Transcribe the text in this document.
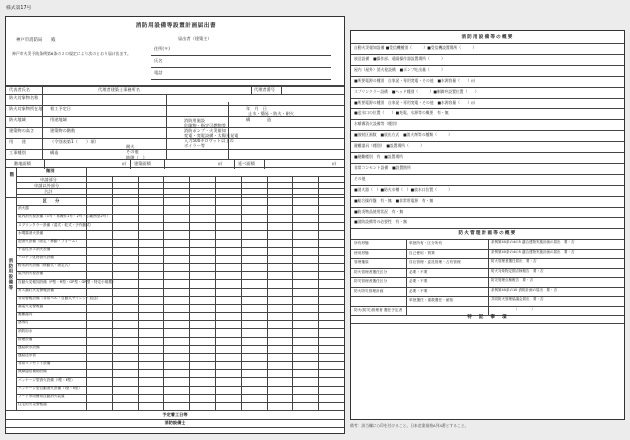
様式第17号
消防用設備等設置計画届出書
届出者（建築主）
神戸市消防局　　殿
住所(〒)
氏名
電話
神戸市火災予防条例第6条の２の規定により次のとおり届け出ます。
代表者氏名	代理者建築士事務所名	代理者番号
防火対象物名称
防火対象物所在地 着工予定日	年　月　日
防火地域	用途地域	構　　　　造
建築物の高さ	建築物の階数
用　　途	（令別表第1（　　）項）
工事種別	構造
止水・簡易・防火・耐火
消防用施設
危険物・指定可燃物等
消防ポンプ・火災報知
変電・変電設備・太陽光発電
入力500キロワット以上の
ボイラー等
耐火
その他
地階（　）
敷地面積	㎡ 建築面積	㎡	延べ面積	㎡
階
階別
申請部分
申請以外部分
合計
消防用設備等
区　　分
消火器
屋内消火栓設備（1号・易操作1号・2号・広範囲型2号）
スプリンクラー設備（湿式・乾式・予作動式）
水噴霧消火設備
泡消火設備（固定・移動・フォーム）
不活性ガス消火設備
ハロゲン化物消火設備
粉末消火設備（移動式・固定式）
屋外消火栓設備
自動火災報知設備（P型・R型・GP型・GR型・特定小規模）
ガス漏れ火災警報設備
非常警報設備（非常ベル・自動式サイレン・放送）
漏電火災警報器
避難器具
誘導灯
消防用水
排煙設備
連結散水設備
連結送水管
非常コンセント設備
無線通信補助設備
パッケージ型消火設備（Ⅰ型・Ⅱ型）
パッケージ型自動消火設備（Ⅰ型・Ⅱ型）
フード等用簡易自動消火装置
住宅用火災警報器
予定着工日等
消防設備士
消防用設備等の概要
自動火災報知設備 ■受信機種別（　　　）■受信機設置場所（　　　）
放送設備　■操作部、遠隔操作器設置場所（　　　）
屋内（屋外）消火栓設備　■ポンプ吐出量（　　　）
■所要電源の種別　自家発・専用変電・その他　■水源容量（　　）㎥
スプリンクラー設備　■ヘッド種別（　　　）■制御弁設置位置（　　）
■所要電源の種別　自家発・専用変電・その他　■水源容量（　　）㎥
■送水口の位置（　　）■充電、水源等の概要　有・無
水噴霧消火設備等（種別）
■放射区画数　■放出方式　■消火剤等の種類（　　　）
避難器具（種別）　■設置場所（　　　）
■避難種別　有　■設置場所
非常コンセント設備　■設置箇所
その他
■消火器（　）■防火水槽（　）■放水口位置（　　　）
■総合操作盤　有・無　■非常用電源　有・無
■防炎物品使用状況　有・無
■消防設備等の必要性　有・無
防火管理計画等の概要
所有形態	単独所有・区分所有	条例第40条の4の5 適合建物実施計画の届出　要・否
使用形態	自己使用・賃貸	条例第40条の4の5 適合建物実施計画の届出　要・否
管理権原	自社管理・委託管理・占有管理	防火管理者選任届出　要・否
防火管理者選任区分	必要・不要	防火対象物定期点検報告　要・否
防災管理者選任区分	必要・不要	防災管理点検報告　要・否
防火防災管理計画	必要・不要	条例第40条の10 消防計画の届出　要・否
単独選任・複数選任・統括	共同防火管理協議会届出　要・否
防火(防災)管理者 選任予定者	　　　　　　　（　　　　）
特　記　事　項
備考：該当欄に○印を付けること。日本産業規格A列4番とすること。
